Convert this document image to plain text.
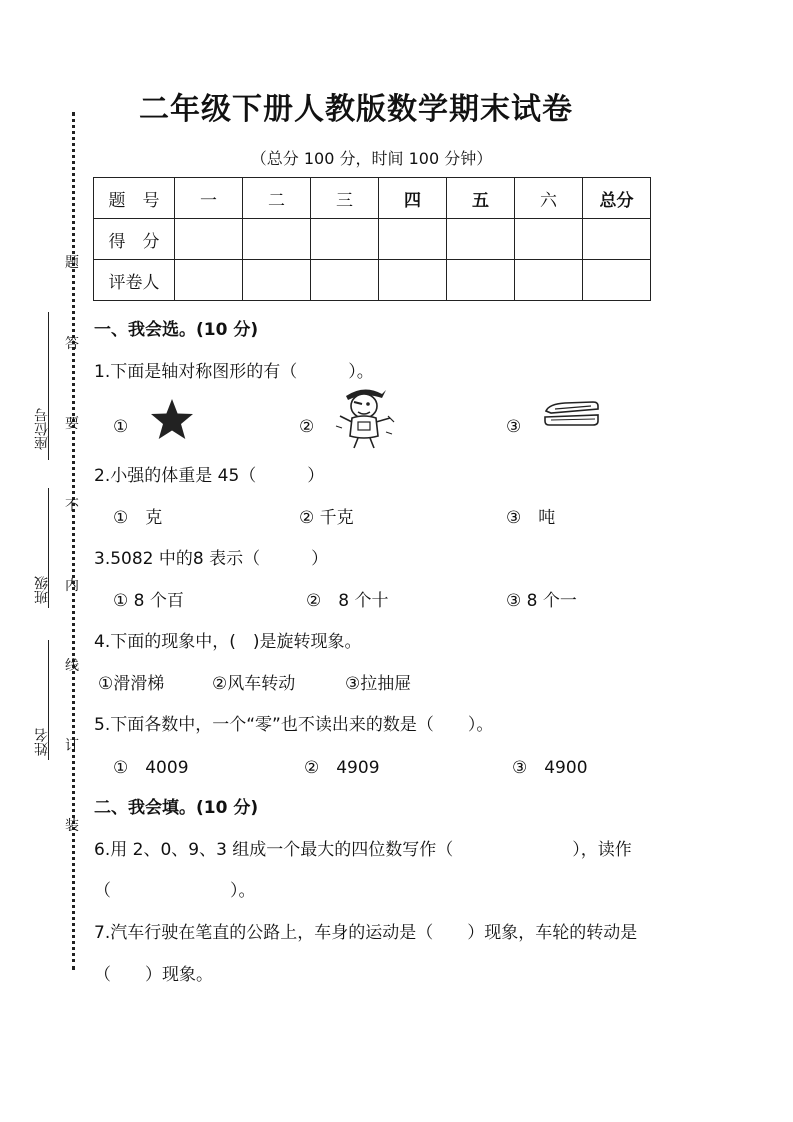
题
答
要
不
内
线
订
装
座位号
班级
姓名
二年级下册人教版数学期末试卷
（总分 100 分，时间 100 分钟）
题　号	一	二	三	四	五	六	总分
得　分							
评卷人							
一、我会选。(10 分)
1.下面是轴对称图形的有（　　　）。
①	②	③
2.小强的体重是 45（　　　）
①　克	② 千克	③　吨
3.5082 中的8 表示（　　　）
① 8 个百	②　8 个十	③ 8 个一
4.下面的现象中，(　)是旋转现象。
①滑滑梯	②风车转动	③拉抽屉
5.下面各数中，一个“零”也不读出来的数是（　　）。
①　4009	②　4909	③　4900
二、我会填。(10 分)
6.用 2、0、9、3 组成一个最大的四位数写作（　　　　　　　），读作
（　　　　　　　）。
7.汽车行驶在笔直的公路上，车身的运动是（　　）现象，车轮的转动是
（　　）现象。
